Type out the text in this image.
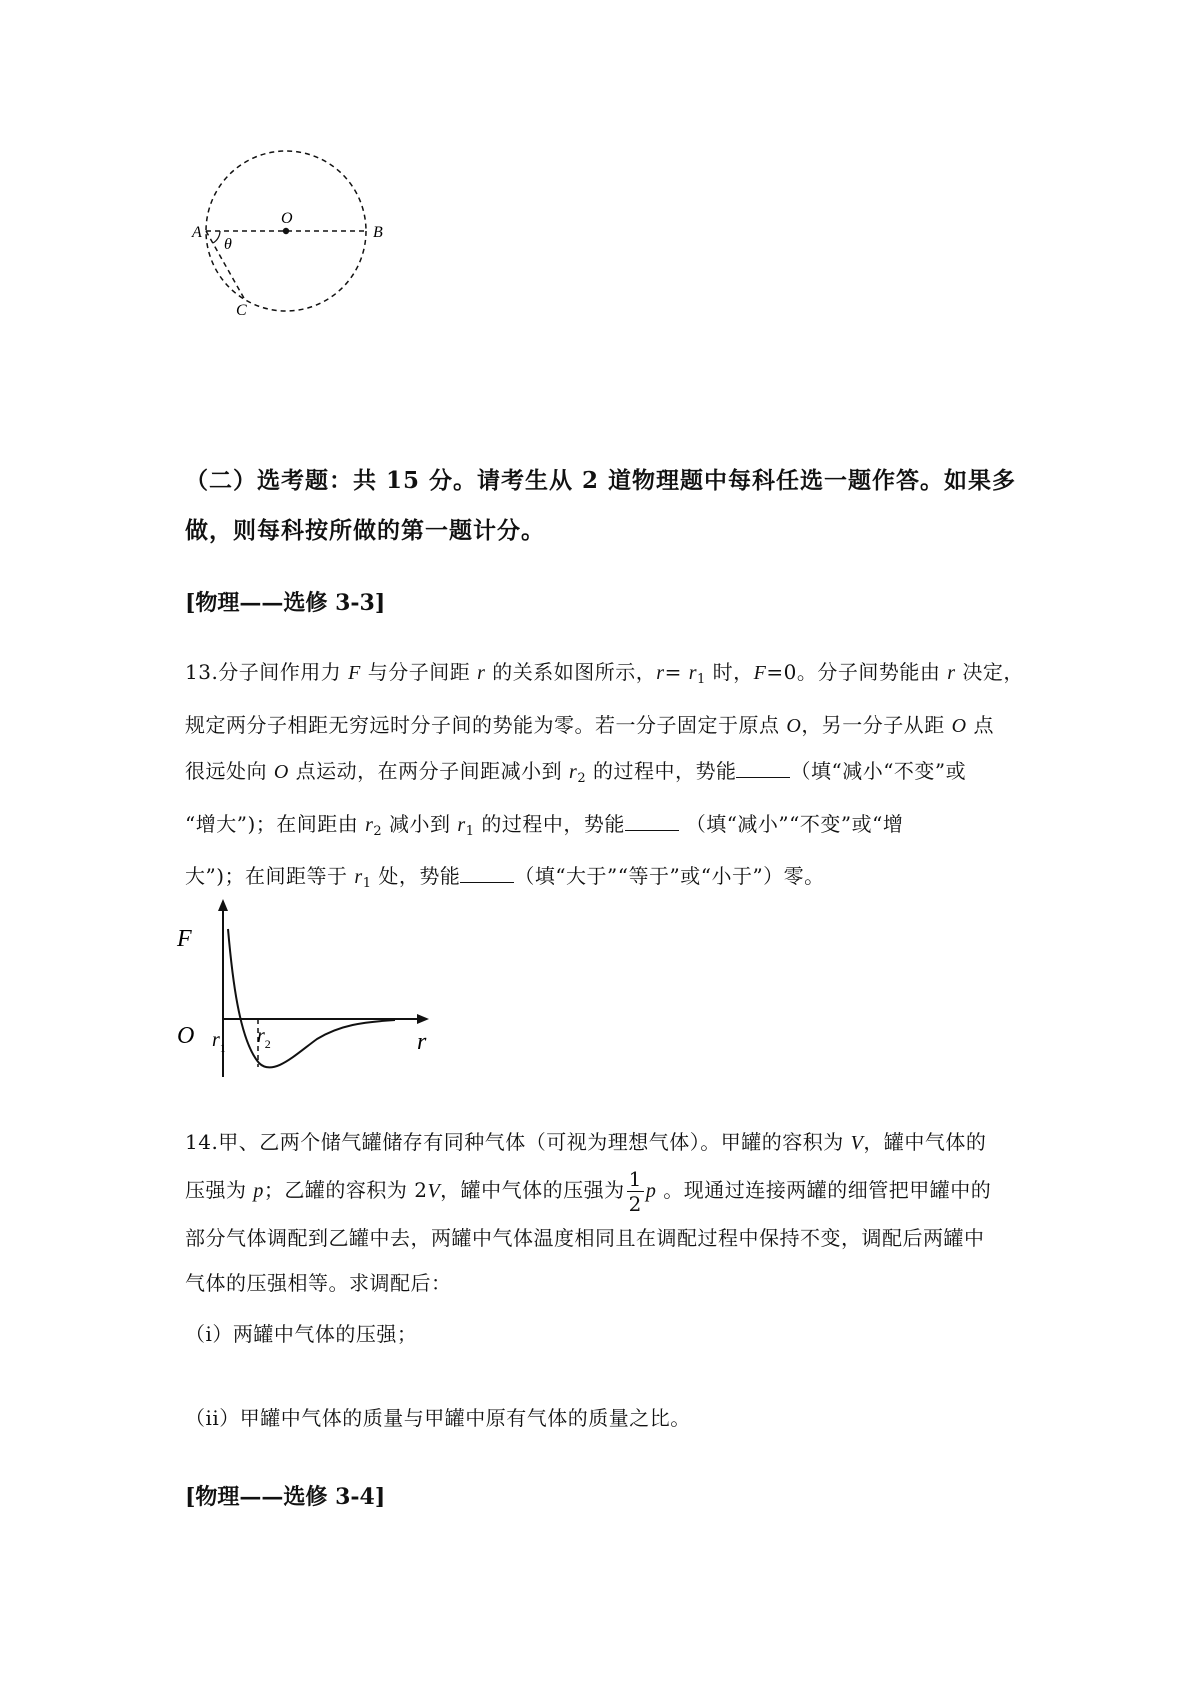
O
A	B
C
θ
（二）选考题：共 15 分。请考生从 2 道物理题中每科任选一题作答。如果多
做，则每科按所做的第一题计分。
[物理——选修 3-3]
13.分子间作用力 F 与分子间距 r 的关系如图所示，$r= r_1$ 时，F=0。分子间势能由 r 决定，
规定两分子相距无穷远时分子间的势能为零。若一分子固定于原点 O，另一分子从距 O 点
很远处向 O 点运动，在两分子间距减小到 $r_2$ 的过程中，势能	（填“减小“不变”或
“增大”)；在间距由 $r_2$ 减小到 $r_1$ 的过程中，势能	（填“减小”“不变”或“增
大”)；在间距等于 $r_1$ 处，势能	（填“大于”“等于”或“小于”）零。
F
O	r
$r_1$
$r_2$
14.甲、乙两个储气罐储存有同种气体（可视为理想气体）。甲罐的容积为 V，罐中气体的
压强为 p；乙罐的容积为 2V，罐中气体的压强为 $\frac{1}{2}$ p 。现通过连接两罐的细管把甲罐中的
部分气体调配到乙罐中去，两罐中气体温度相同且在调配过程中保持不变，调配后两罐中
气体的压强相等。求调配后：
（i）两罐中气体的压强；
（ii）甲罐中气体的质量与甲罐中原有气体的质量之比。
[物理——选修 3-4]
